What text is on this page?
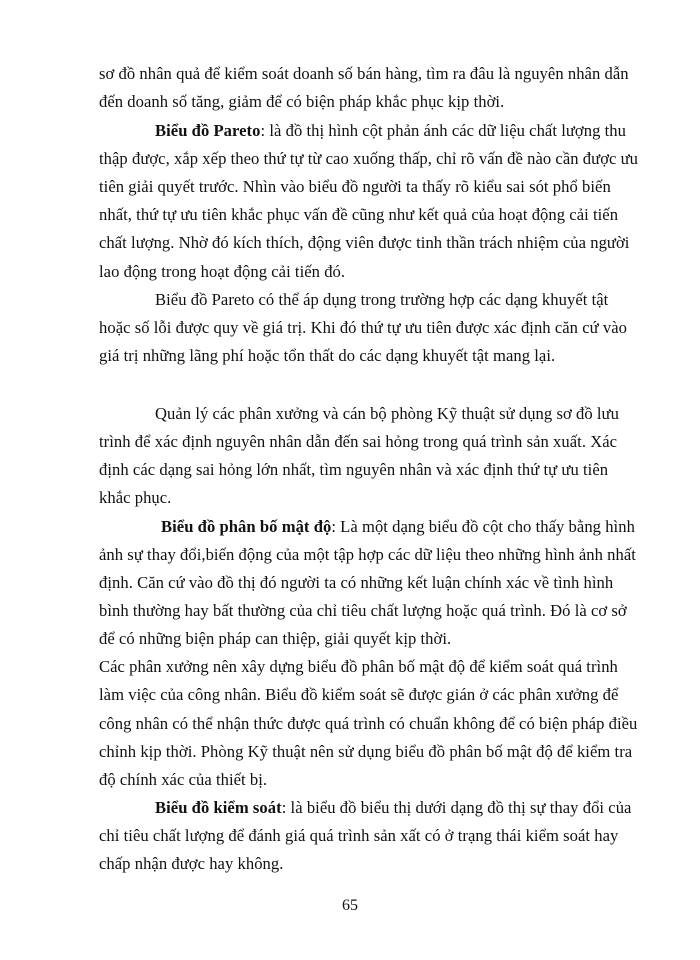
sơ đồ nhân quả để kiểm soát doanh số bán hàng, tìm ra đâu là nguyên nhân dẫn
đến doanh số tăng, giảm để có biện pháp khắc phục kịp thời.
Biểu đồ Pareto: là đồ thị hình cột phản ánh các dữ liệu chất lượng thu
thập được, xắp xếp theo thứ tự từ cao xuống thấp, chỉ rõ vấn đề nào cần được ưu
tiên giải quyết trước. Nhìn vào biểu đồ người ta thấy rõ kiểu sai sót phổ biến
nhất, thứ tự ưu tiên khắc phục vấn đề cũng như kết quả của hoạt động cải tiến
chất lượng. Nhờ đó kích thích, động viên được tinh thần trách nhiệm của người
lao động trong hoạt động cải tiến đó.
Biểu đồ Pareto có thể áp dụng trong trường hợp các dạng khuyết tật
hoặc số lỗi được quy về giá trị. Khi đó thứ tự ưu tiên được xác định căn cứ vào
giá trị những lãng phí hoặc tổn thất do các dạng khuyết tật mang lại.
Quản lý các phân xưởng và cán bộ phòng Kỹ thuật sử dụng sơ đồ lưu
trình để xác định nguyên nhân dẫn đến sai hỏng trong quá trình sản xuất. Xác
định các dạng sai hỏng lớn nhất, tìm nguyên nhân và xác định thứ tự ưu tiên
khắc phục.
Biểu đồ phân bố mật độ: Là một dạng biểu đồ cột cho thấy bằng hình
ảnh sự thay đổi,biến động của một tập hợp các dữ liệu theo những hình ảnh nhất
định. Căn cứ vào đồ thị đó người ta có những kết luận chính xác về tình hình
bình thường hay bất thường của chỉ tiêu chất lượng hoặc quá trình. Đó là cơ sở
để có những biện pháp can thiệp, giải quyết kịp thời.
Các phân xưởng nên xây dựng biểu đồ phân bố mật độ để kiểm soát quá trình
làm việc của công nhân. Biểu đồ kiểm soát sẽ được gián ở các phân xưởng để
công nhân có thể nhận thức được quá trình có chuẩn không để có biện pháp điều
chỉnh kịp thời. Phòng Kỹ thuật nên sử dụng biểu đồ phân bố mật độ để kiểm tra
độ chính xác của thiết bị.
Biểu đồ kiểm soát: là biểu đồ biểu thị dưới dạng đồ thị sự thay đổi của
chỉ tiêu chất lượng để đánh giá quá trình sản xất có ở trạng thái kiểm soát hay
chấp nhận được hay không.
65
